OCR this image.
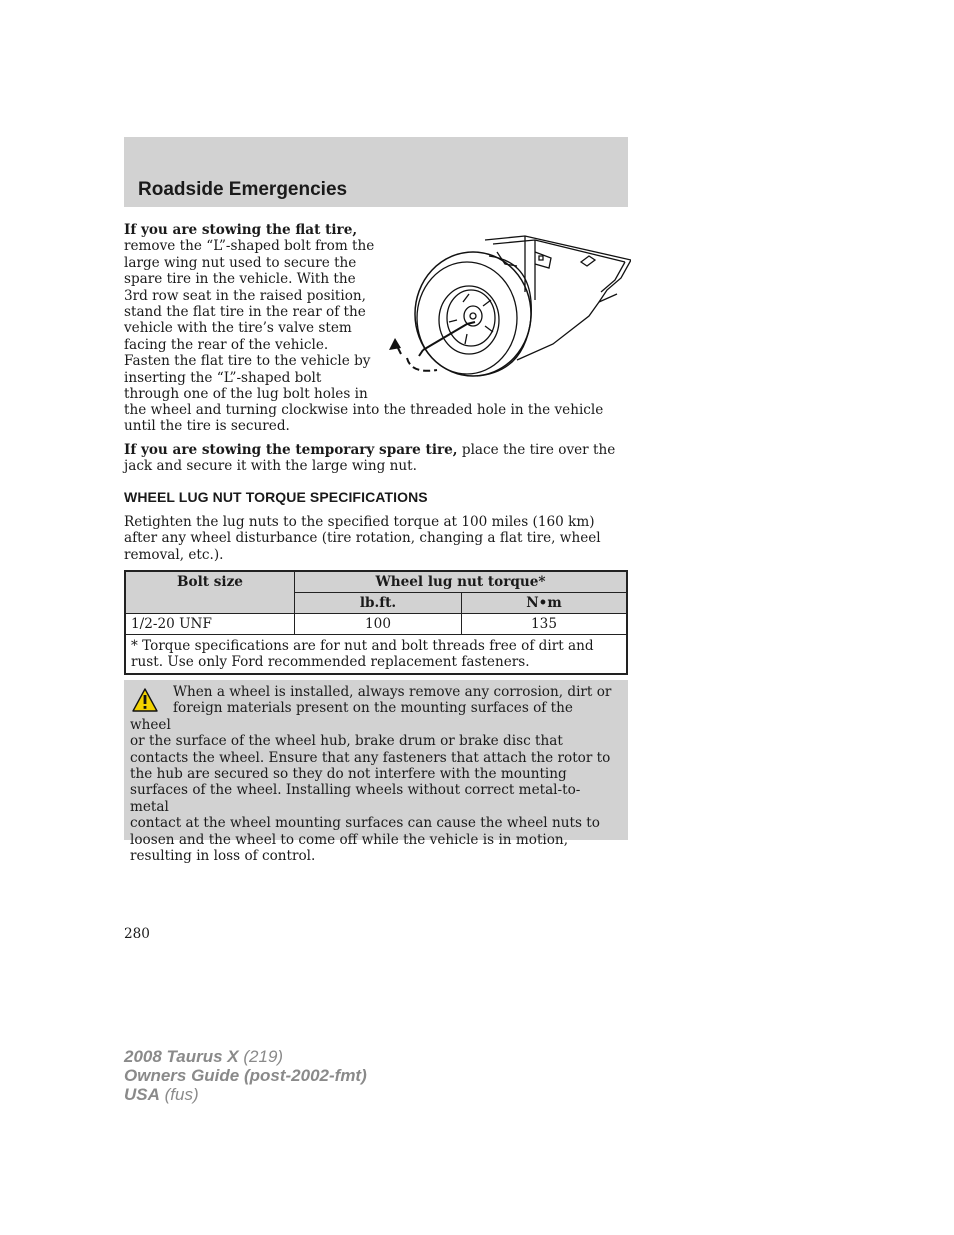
Roadside Emergencies
If you are stowing the flat tire,
remove the “L”-shaped bolt from the
large wing nut used to secure the
spare tire in the vehicle. With the
3rd row seat in the raised position,
stand the flat tire in the rear of the
vehicle with the tire’s valve stem
facing the rear of the vehicle.
Fasten the flat tire to the vehicle by
inserting the “L”-shaped bolt
through one of the lug bolt holes in
the wheel and turning clockwise into the threaded hole in the vehicle
until the tire is secured.
If you are stowing the temporary spare tire, place the tire over the
jack and secure it with the large wing nut.
WHEEL LUG NUT TORQUE SPECIFICATIONS
Retighten the lug nuts to the specified torque at 100 miles (160 km)
after any wheel disturbance (tire rotation, changing a flat tire, wheel
removal, etc.).
Bolt size	Wheel lug nut torque*	
	lb.ft.	N•m
1/2-20 UNF	100	135
* Torque specifications are for nut and bolt threads free of dirt and
rust. Use only Ford recommended replacement fasteners.		
When a wheel is installed, always remove any corrosion, dirt or
foreign materials present on the mounting surfaces of the wheel
or the surface of the wheel hub, brake drum or brake disc that
contacts the wheel. Ensure that any fasteners that attach the rotor to
the hub are secured so they do not interfere with the mounting
surfaces of the wheel. Installing wheels without correct metal-to-metal
contact at the wheel mounting surfaces can cause the wheel nuts to
loosen and the wheel to come off while the vehicle is in motion,
resulting in loss of control.
280
2008 Taurus X (219)
Owners Guide (post-2002-fmt)
USA (fus)
